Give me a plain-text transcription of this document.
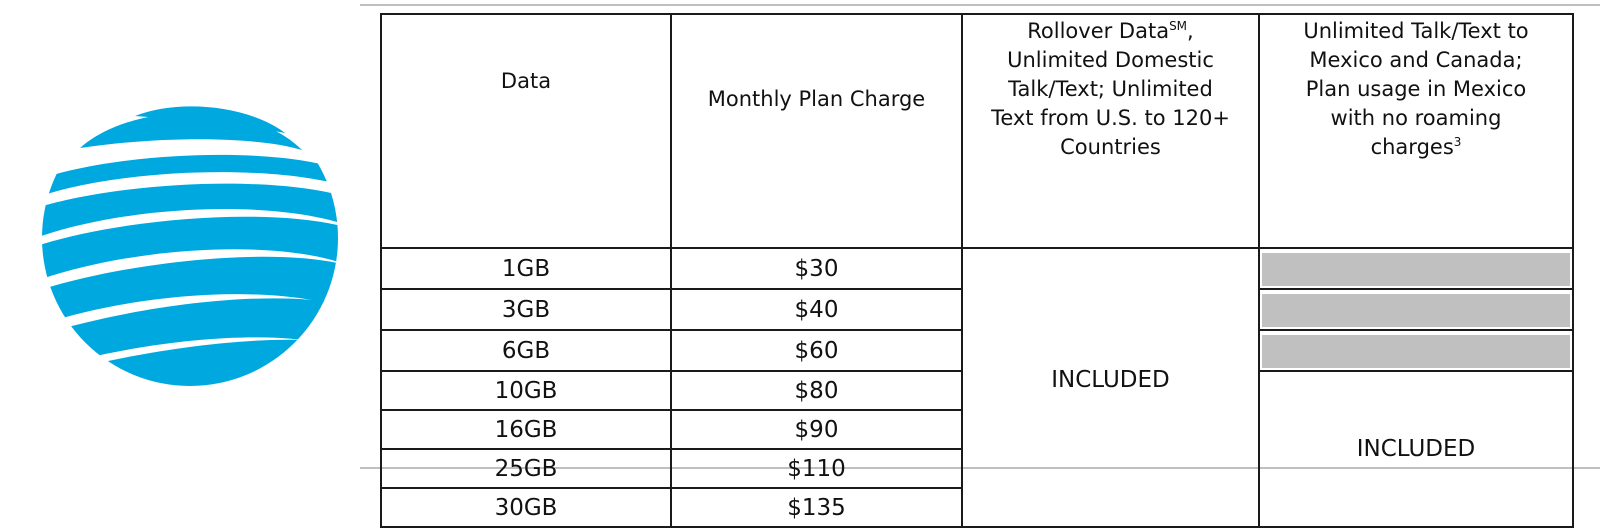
Data	Monthly Plan Charge	Rollover Data℠,
Unlimited Domestic
Talk/Text; Unlimited
Text from U.S. to 120+
Countries	Unlimited Talk/Text to
Mexico and Canada;
Plan usage in Mexico
with no roaming
charges$^3$

1GB	$30	INCLUDED	

3GB	$40		

6GB	$60		

10GB	$80		INCLUDED
16GB	$90		
25GB	$110		
30GB	$135		
